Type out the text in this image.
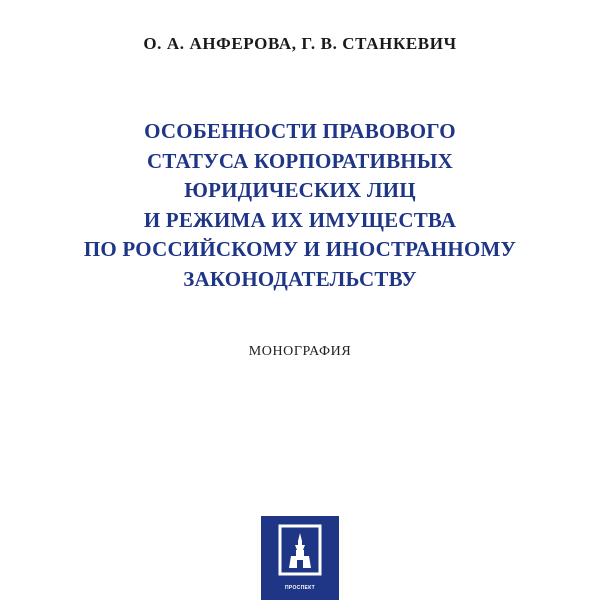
О. А. АНФЕРОВА, Г. В. СТАНКЕВИЧ
ОСОБЕННОСТИ ПРАВОВОГО
СТАТУСА КОРПОРАТИВНЫХ
ЮРИДИЧЕСКИХ ЛИЦ
И РЕЖИМА ИХ ИМУЩЕСТВА
ПО РОССИЙСКОМУ И ИНОСТРАННОМУ
ЗАКОНОДАТЕЛЬСТВУ
МОНОГРАФИЯ
ПРОСПЕКТ
